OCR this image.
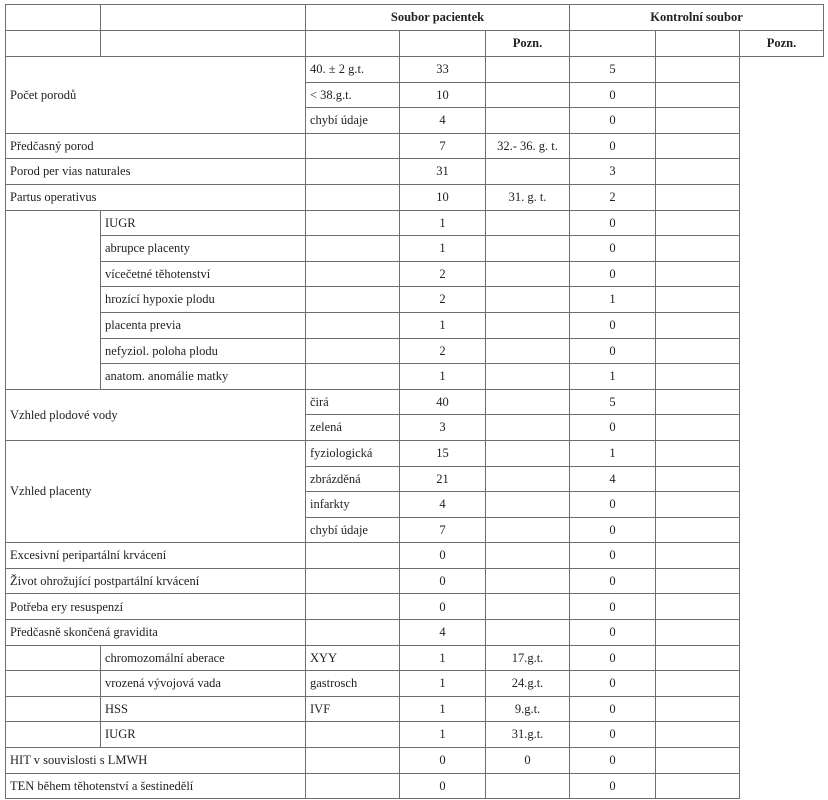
		Soubor pacientek			Kontrolní soubor		
				Pozn.			Pozn.
Počet porodů		40. ± 2 g.t.	33		5		
		< 38.g.t.	10		0		
		chybí údaje	4		0		
Předčasný porod			7	32.- 36. g. t.	0		
Porod per vias naturales			31		3		
Partus operativus			10	31. g. t.	2		
	IUGR		1		0		
	abrupce placenty		1		0		
	vícečetné těhotenství		2		0		
	hrozící hypoxie plodu		2		1		
	placenta previa		1		0		
	nefyziol. poloha plodu		2		0		
	anatom. anomálie matky		1		1		
Vzhled plodové vody		čirá	40		5		
		zelená	3		0		
Vzhled placenty		fyziologická	15		1		
		zbrázděná	21		4		
		infarkty	4		0		
		chybí údaje	7		0		
Excesivní peripartální krvácení			0		0		
Život ohrožující postpartální krvácení			0		0		
Potřeba ery resuspenzí			0		0		
Předčasně skončená gravidita			4		0		
	chromozomální aberace	XYY	1	17.g.t.	0		
	vrozená vývojová vada	gastrosch	1	24.g.t.	0		
	HSS	IVF	1	9.g.t.	0		
	IUGR		1	31.g.t.	0		
HIT v souvislosti s LMWH			0	0	0		
TEN během těhotenství a šestinedělí			0		0		
